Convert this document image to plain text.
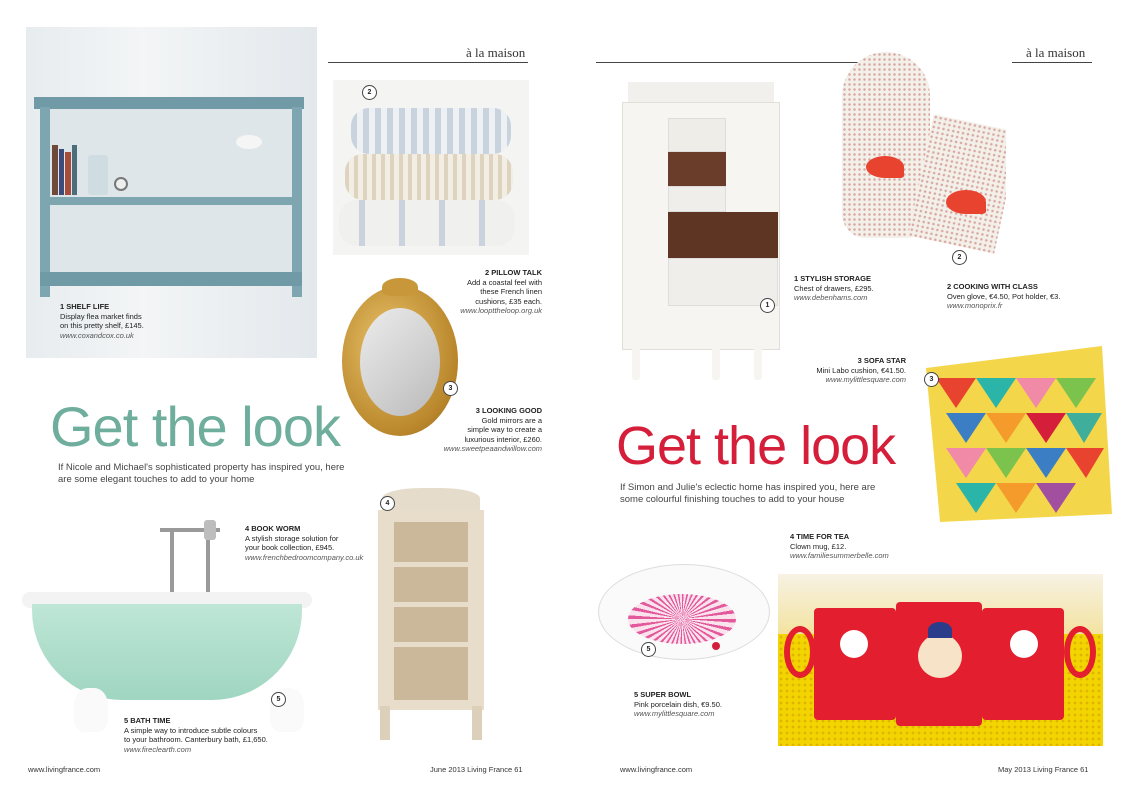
1 SHELF LIFE
Display flea market finds
on this pretty shelf, £145.
www.coxandcox.co.uk
à la maison
2
2 PILLOW TALK
Add a coastal feel with
these French linen
cushions, £35 each.
www.loopttheloop.org.uk
3
3 LOOKING GOOD
Gold mirrors are a
simple way to create a
luxurious interior, £260.
www.sweetpeaandwillow.com
Get the look
If Nicole and Michael's sophisticated property has inspired you, here are some elegant touches to add to your home
5
5 BATH TIME
A simple way to introduce subtle colours
to your bathroom. Canterbury bath, £1,650.
www.fireclearth.com
4 BOOK WORM
A stylish storage solution for
your book collection, £945.
www.frenchbedroomcompany.co.uk
4
www.livingfrance.com	June 2013 Living France 61
à la maison
1
1 STYLISH STORAGE
Chest of drawers, £295.
www.debenhams.com
2
2 COOKING WITH CLASS
Oven glove, €4.50, Pot holder, €3.
www.monoprix.fr
3 SOFA STAR
Mini Labo cushion, €41.50.
www.mylittlesquare.com	3
Get the look
If Simon and Julie's eclectic home has inspired you, here are some colourful finishing touches to add to your house
5
5 SUPER BOWL
Pink porcelain dish, €9.50.
www.mylittlesquare.com
4 TIME FOR TEA
Clown mug, £12.
www.familiesummerbelle.com
www.livingfrance.com	May 2013 Living France 61
